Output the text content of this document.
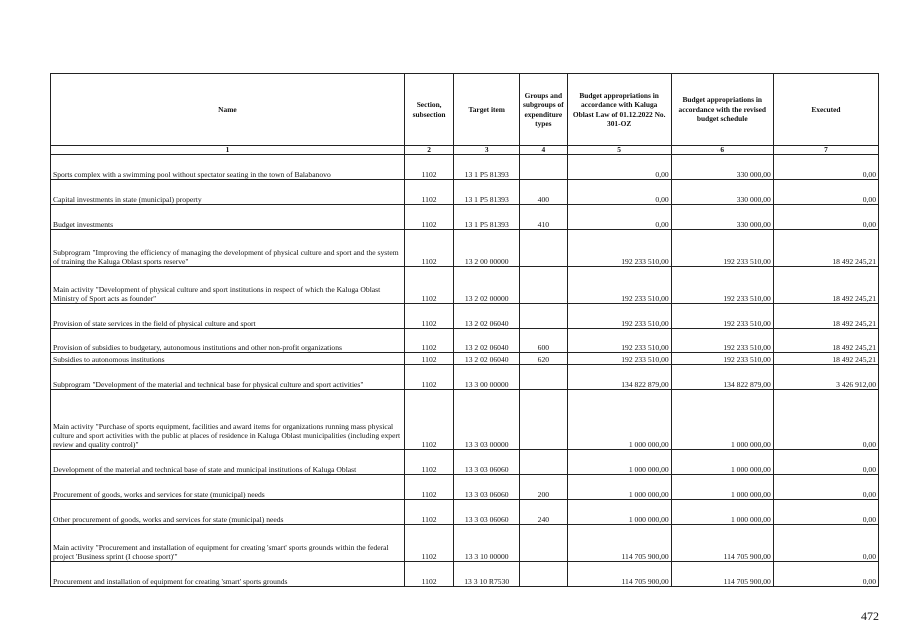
Name	Section, subsection	Target item	Groups and subgroups of expenditure types	Budget appropriations in accordance with Kaluga Oblast Law of 01.12.2022 No. 301-OZ	Budget appropriations in accordance with the revised budget schedule	Executed
1	2	3	4	5	6	7
Sports complex with a swimming pool without spectator seating in the town of Balabanovo	1102	13 1 P5 81393		0,00	330 000,00	0,00
Capital investments in state (municipal) property	1102	13 1 P5 81393	400	0,00	330 000,00	0,00
Budget investments	1102	13 1 P5 81393	410	0,00	330 000,00	0,00
Subprogram "Improving the efficiency of managing the development of physical culture and sport and the system of training the Kaluga Oblast sports reserve"	1102	13 2 00 00000		192 233 510,00	192 233 510,00	18 492 245,21
Main activity "Development of physical culture and sport institutions in respect of which the Kaluga Oblast Ministry of Sport acts as founder"	1102	13 2 02 00000		192 233 510,00	192 233 510,00	18 492 245,21
Provision of state services in the field of physical culture and sport	1102	13 2 02 06040		192 233 510,00	192 233 510,00	18 492 245,21
Provision of subsidies to budgetary, autonomous institutions and other non-profit organizations	1102	13 2 02 06040	600	192 233 510,00	192 233 510,00	18 492 245,21
Subsidies to autonomous institutions	1102	13 2 02 06040	620	192 233 510,00	192 233 510,00	18 492 245,21
Subprogram "Development of the material and technical base for physical culture and sport activities"	1102	13 3 00 00000		134 822 879,00	134 822 879,00	3 426 912,00
Main activity "Purchase of sports equipment, facilities and award items for organizations running mass physical culture and sport activities with the public at places of residence in Kaluga Oblast municipalities (including expert review and quality control)"	1102	13 3 03 00000		1 000 000,00	1 000 000,00	0,00
Development of the material and technical base of state and municipal institutions of Kaluga Oblast	1102	13 3 03 06060		1 000 000,00	1 000 000,00	0,00
Procurement of goods, works and services for state (municipal) needs	1102	13 3 03 06060	200	1 000 000,00	1 000 000,00	0,00
Other procurement of goods, works and services for state (municipal) needs	1102	13 3 03 06060	240	1 000 000,00	1 000 000,00	0,00
Main activity "Procurement and installation of equipment for creating 'smart' sports grounds within the federal project 'Business sprint (I choose sport)'"	1102	13 3 10 00000		114 705 900,00	114 705 900,00	0,00
Procurement and installation of equipment for creating 'smart' sports grounds	1102	13 3 10 R7530		114 705 900,00	114 705 900,00	0,00
472
